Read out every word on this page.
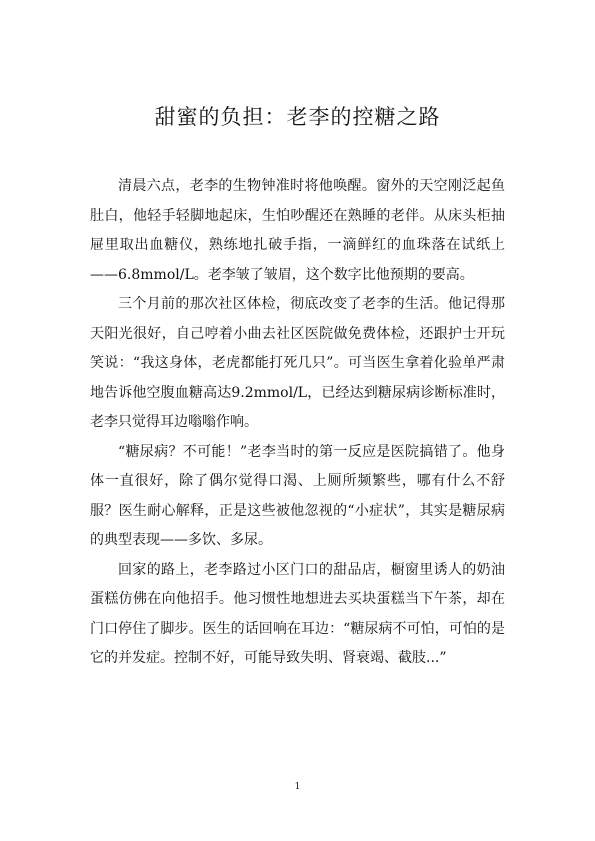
甜蜜的负担：老李的控糖之路

清晨六点，老李的生物钟准时将他唤醒。窗外的天空刚泛起鱼肚白，他轻手轻脚地起床，生怕吵醒还在熟睡的老伴。从床头柜抽屉里取出血糖仪，熟练地扎破手指，一滴鲜红的血珠落在试纸上——6.8mmol/L。老李皱了皱眉，这个数字比他预期的要高。

三个月前的那次社区体检，彻底改变了老李的生活。他记得那天阳光很好，自己哼着小曲去社区医院做免费体检，还跟护士开玩笑说：“我这身体，老虎都能打死几只”。可当医生拿着化验单严肃地告诉他空腹血糖高达9.2mmol/L，已经达到糖尿病诊断标准时，老李只觉得耳边嗡嗡作响。

“糖尿病？不可能！”老李当时的第一反应是医院搞错了。他身体一直很好，除了偶尔觉得口渴、上厕所频繁些，哪有什么不舒服？医生耐心解释，正是这些被他忽视的“小症状”，其实是糖尿病的典型表现——多饮、多尿。

回家的路上，老李路过小区门口的甜品店，橱窗里诱人的奶油蛋糕仿佛在向他招手。他习惯性地想进去买块蛋糕当下午茶，却在门口停住了脚步。医生的话回响在耳边：“糖尿病不可怕，可怕的是它的并发症。控制不好，可能导致失明、肾衰竭、截肢...”

1
